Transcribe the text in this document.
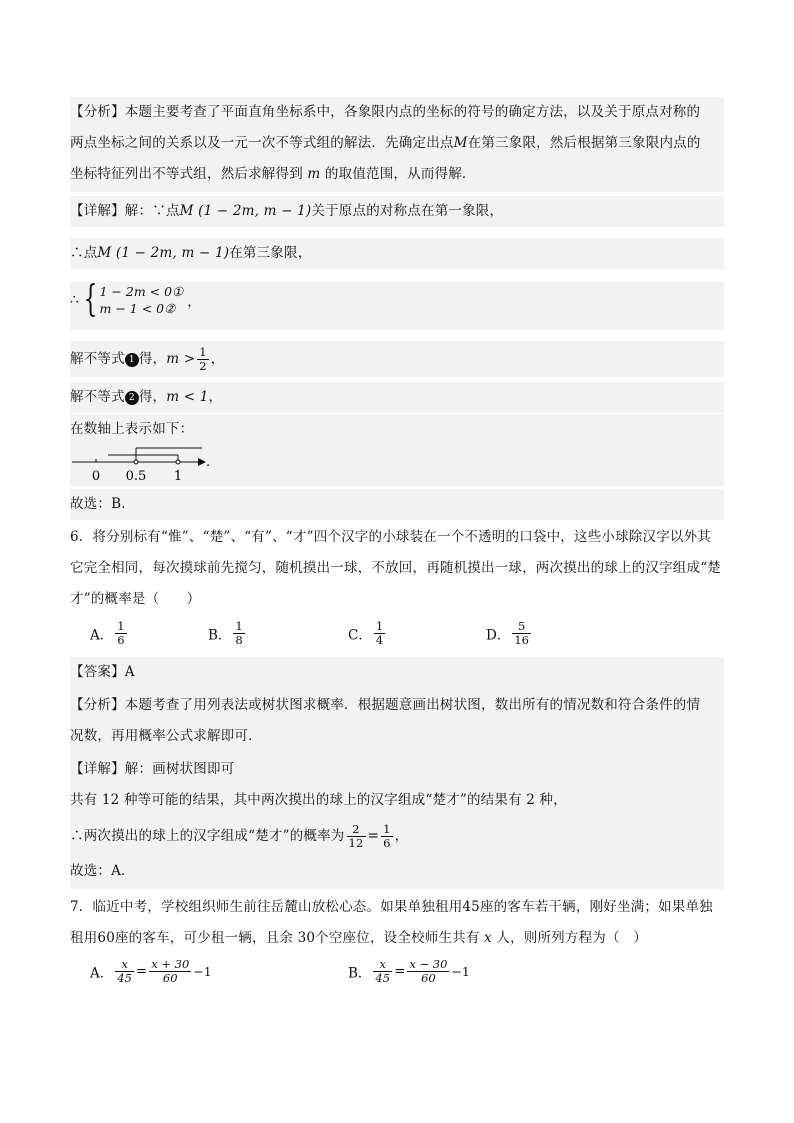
【分析】本题主要考查了平面直角坐标系中，各象限内点的坐标的符号的确定方法，以及关于原点对称的
两点坐标之间的关系以及一元一次不等式组的解法．先确定出点M在第三象限，然后根据第三象限内点的
坐标特征列出不等式组，然后求解得到 m 的取值范围，从而得解．
【详解】解：∵点M (1 − 2m, m − 1)关于原点的对称点在第一象限，
∴点M (1 − 2m, m − 1)在第三象限，
∴ { 1 − 2m < 0①
m − 1 < 0② ，
解不等式 1 得，$m > \frac{1}{2}$ ，
解不等式 2 得，m < 1，
在数轴上表示如下：
0 0.5 1
．
故选：B．
6．将分别标有“惟”、“楚”、“有”、“才”四个汉字的小球装在一个不透明的口袋中，这些小球除汉字以外其
它完全相同，每次摸球前先搅匀，随机摸出一球，不放回，再随机摸出一球，两次摸出的球上的汉字组成“楚
才”的概率是（　　）
A． $\frac{1}{6}$	B． $\frac{1}{8}$	C． $\frac{1}{4}$	D． $\frac{5}{16}$
【答案】A
【分析】本题考查了用列表法或树状图求概率．根据题意画出树状图，数出所有的情况数和符合条件的情
况数，再用概率公式求解即可．
【详解】解：画树状图即可
共有 12 种等可能的结果，其中两次摸出的球上的汉字组成“楚才”的结果有 2 种，
∴两次摸出的球上的汉字组成“楚才”的概率为 $\frac{2}{12} = \frac{1}{6}$ ，
故选：A．
7．临近中考，学校组织师生前往岳麓山放松心态。如果单独租用45座的客车若干辆，刚好坐满；如果单独
租用60座的客车，可少租一辆，且余 30个空座位，设全校师生共有 x 人，则所列方程为（　）
A． $\frac{x}{45} = \frac{x + 30}{60} -1$	B． $\frac{x}{45} = \frac{x - 30}{60} -1$
